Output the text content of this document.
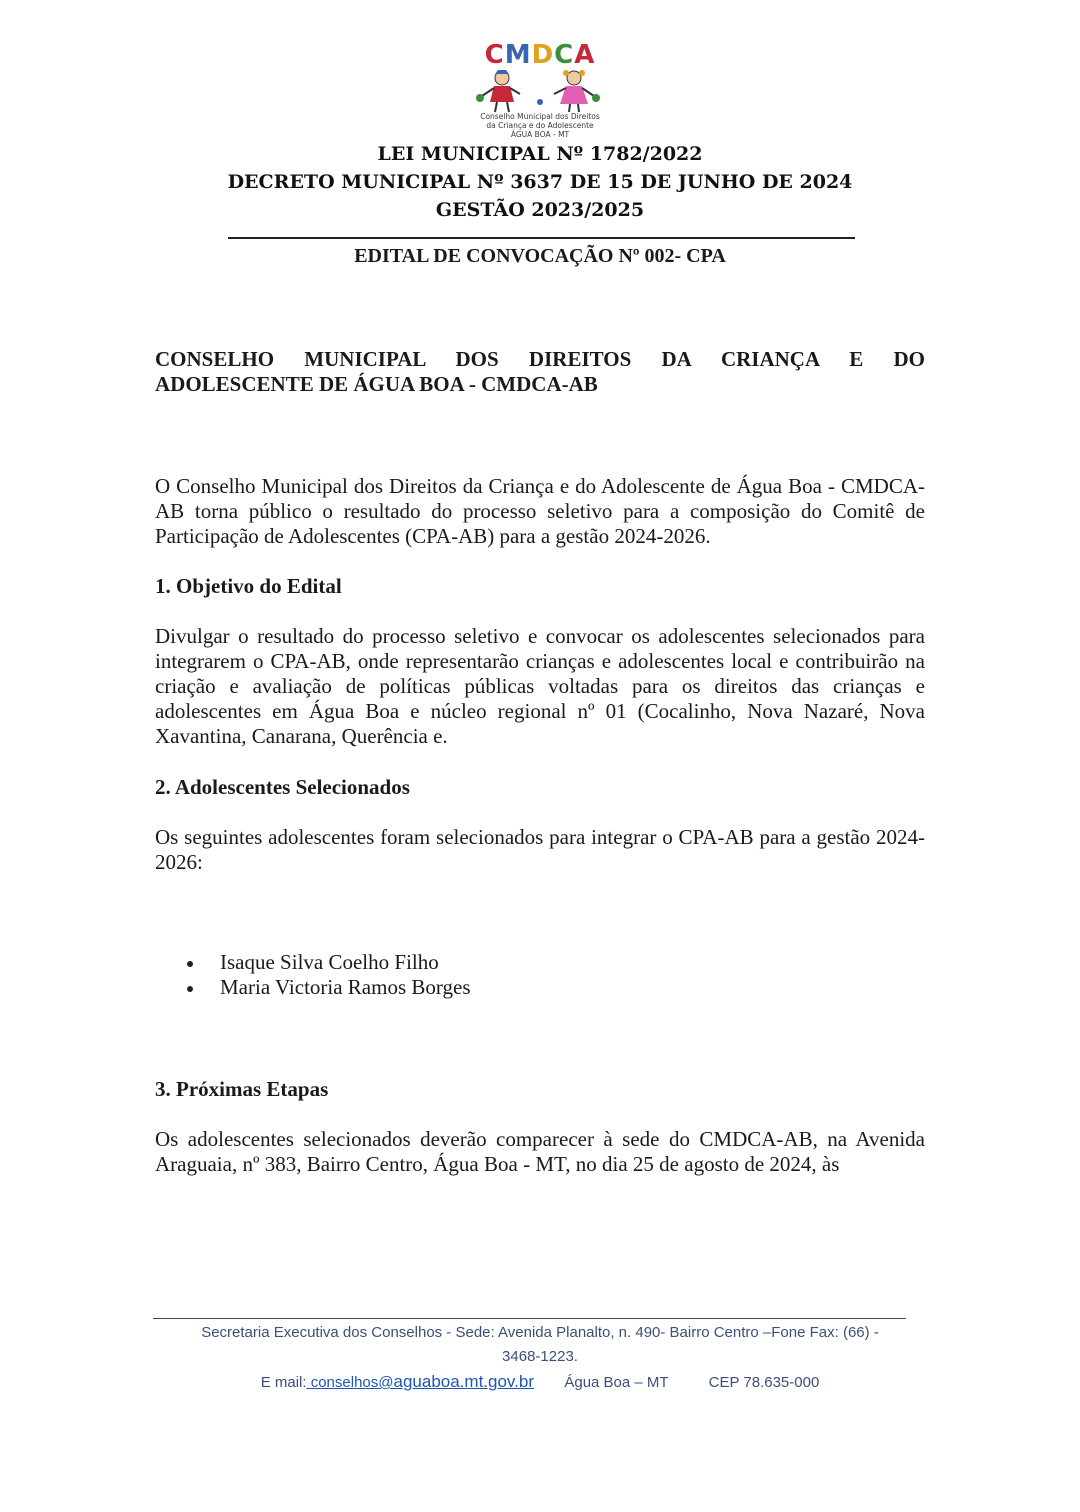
CMDCA
Conselho Municipal dos Direitos
da Criança e do Adolescente
ÁGUA BOA - MT
LEI MUNICIPAL Nº 1782/2022
DECRETO MUNICIPAL Nº 3637 DE 15 DE JUNHO DE 2024
GESTÃO 2023/2025
EDITAL DE CONVOCAÇÃO Nº 002- CPA
CONSELHO MUNICIPAL DOS DIREITOS DA CRIANÇA E DO
ADOLESCENTE DE ÁGUA BOA - CMDCA-AB
O Conselho Municipal dos Direitos da Criança e do Adolescente de Água Boa - CMDCA-AB torna público o resultado do processo seletivo para a composição do Comitê de Participação de Adolescentes (CPA-AB) para a gestão 2024-2026.
1. Objetivo do Edital
Divulgar o resultado do processo seletivo e convocar os adolescentes selecionados para integrarem o CPA-AB, onde representarão crianças e adolescentes local e contribuirão na criação e avaliação de políticas públicas voltadas para os direitos das crianças e adolescentes em Água Boa e núcleo regional nº 01 (Cocalinho, Nova Nazaré, Nova Xavantina, Canarana, Querência e.
2. Adolescentes Selecionados
Os seguintes adolescentes foram selecionados para integrar o CPA-AB para a gestão 2024-2026:
Isaque Silva Coelho Filho
Maria Victoria Ramos Borges
3. Próximas Etapas
Os adolescentes selecionados deverão comparecer à sede do CMDCA-AB, na Avenida Araguaia, nº 383, Bairro Centro, Água Boa - MT, no dia 25 de agosto de 2024, às
Secretaria Executiva dos Conselhos - Sede: Avenida Planalto, n. 490- Bairro Centro –Fone Fax: (66) -
3468-1223.
E mail: conselhos@aguaboa.mt.gov.br Água Boa – MT	CEP 78.635-000
